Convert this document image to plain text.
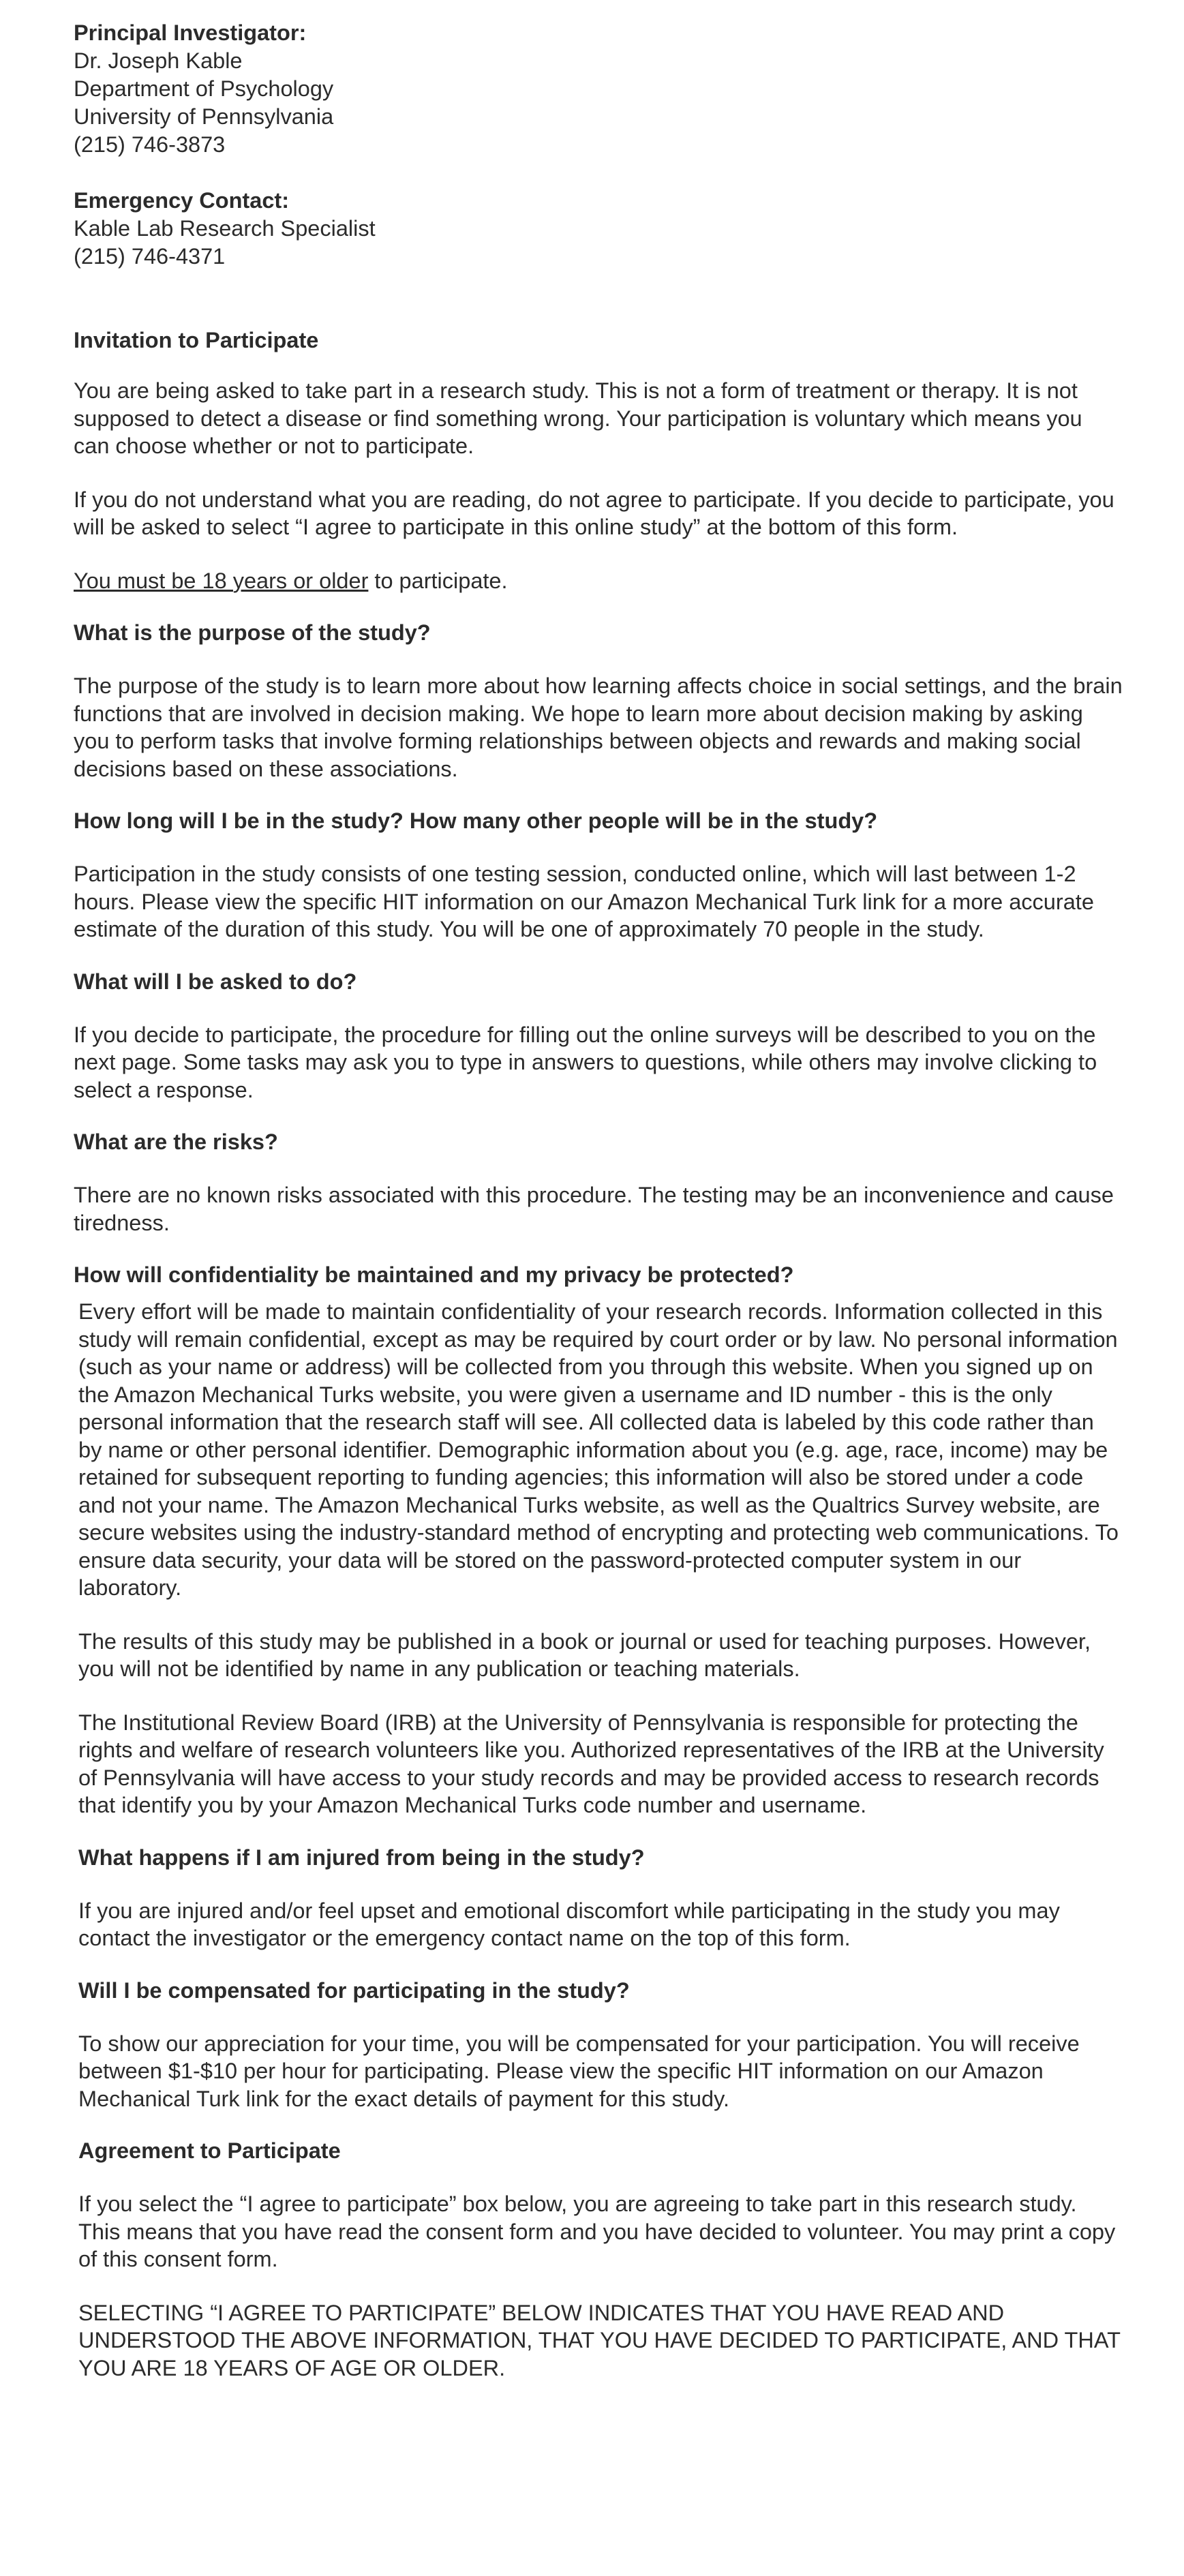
Principal Investigator:
Dr. Joseph Kable
Department of Psychology
University of Pennsylvania
(215) 746-3873
Emergency Contact:
Kable Lab Research Specialist
(215) 746-4371
Invitation to Participate

You are being asked to take part in a research study. This is not a form of treatment or therapy. It is not supposed to detect a disease or find something wrong. Your participation is voluntary which means you can choose whether or not to participate.

If you do not understand what you are reading, do not agree to participate. If you decide to participate, you will be asked to select “I agree to participate in this online study” at the bottom of this form.

You must be 18 years or older to participate.

What is the purpose of the study?

The purpose of the study is to learn more about how learning affects choice in social settings, and the brain functions that are involved in decision making. We hope to learn more about decision making by asking you to perform tasks that involve forming relationships between objects and rewards and making social decisions based on these associations.

How long will I be in the study? How many other people will be in the study?

Participation in the study consists of one testing session, conducted online, which will last between 1-2 hours. Please view the specific HIT information on our Amazon Mechanical Turk link for a more accurate estimate of the duration of this study. You will be one of approximately 70 people in the study.

What will I be asked to do?

If you decide to participate, the procedure for filling out the online surveys will be described to you on the next page. Some tasks may ask you to type in answers to questions, while others may involve clicking to select a response.

What are the risks?

There are no known risks associated with this procedure. The testing may be an inconvenience and cause tiredness.

How will confidentiality be maintained and my privacy be protected?

Every effort will be made to maintain confidentiality of your research records. Information collected in this study will remain confidential, except as may be required by court order or by law. No personal information (such as your name or address) will be collected from you through this website. When you signed up on the Amazon Mechanical Turks website, you were given a username and ID number - this is the only personal information that the research staff will see. All collected data is labeled by this code rather than by name or other personal identifier. Demographic information about you (e.g. age, race, income) may be retained for subsequent reporting to funding agencies; this information will also be stored under a code and not your name. The Amazon Mechanical Turks website, as well as the Qualtrics Survey website, are secure websites using the industry-standard method of encrypting and protecting web communications. To ensure data security, your data will be stored on the password-protected computer system in our laboratory.

The results of this study may be published in a book or journal or used for teaching purposes. However, you will not be identified by name in any publication or teaching materials.

The Institutional Review Board (IRB) at the University of Pennsylvania is responsible for protecting the rights and welfare of research volunteers like you. Authorized representatives of the IRB at the University of Pennsylvania will have access to your study records and may be provided access to research records that identify you by your Amazon Mechanical Turks code number and username.

What happens if I am injured from being in the study?

If you are injured and/or feel upset and emotional discomfort while participating in the study you may contact the investigator or the emergency contact name on the top of this form.

Will I be compensated for participating in the study?

To show our appreciation for your time, you will be compensated for your participation. You will receive between $1-$10 per hour for participating. Please view the specific HIT information on our Amazon Mechanical Turk link for the exact details of payment for this study.

Agreement to Participate

If you select the “I agree to participate” box below, you are agreeing to take part in this research study. This means that you have read the consent form and you have decided to volunteer. You may print a copy of this consent form.

SELECTING “I AGREE TO PARTICIPATE” BELOW INDICATES THAT YOU HAVE READ AND UNDERSTOOD THE ABOVE INFORMATION, THAT YOU HAVE DECIDED TO PARTICIPATE, AND THAT YOU ARE 18 YEARS OF AGE OR OLDER.
